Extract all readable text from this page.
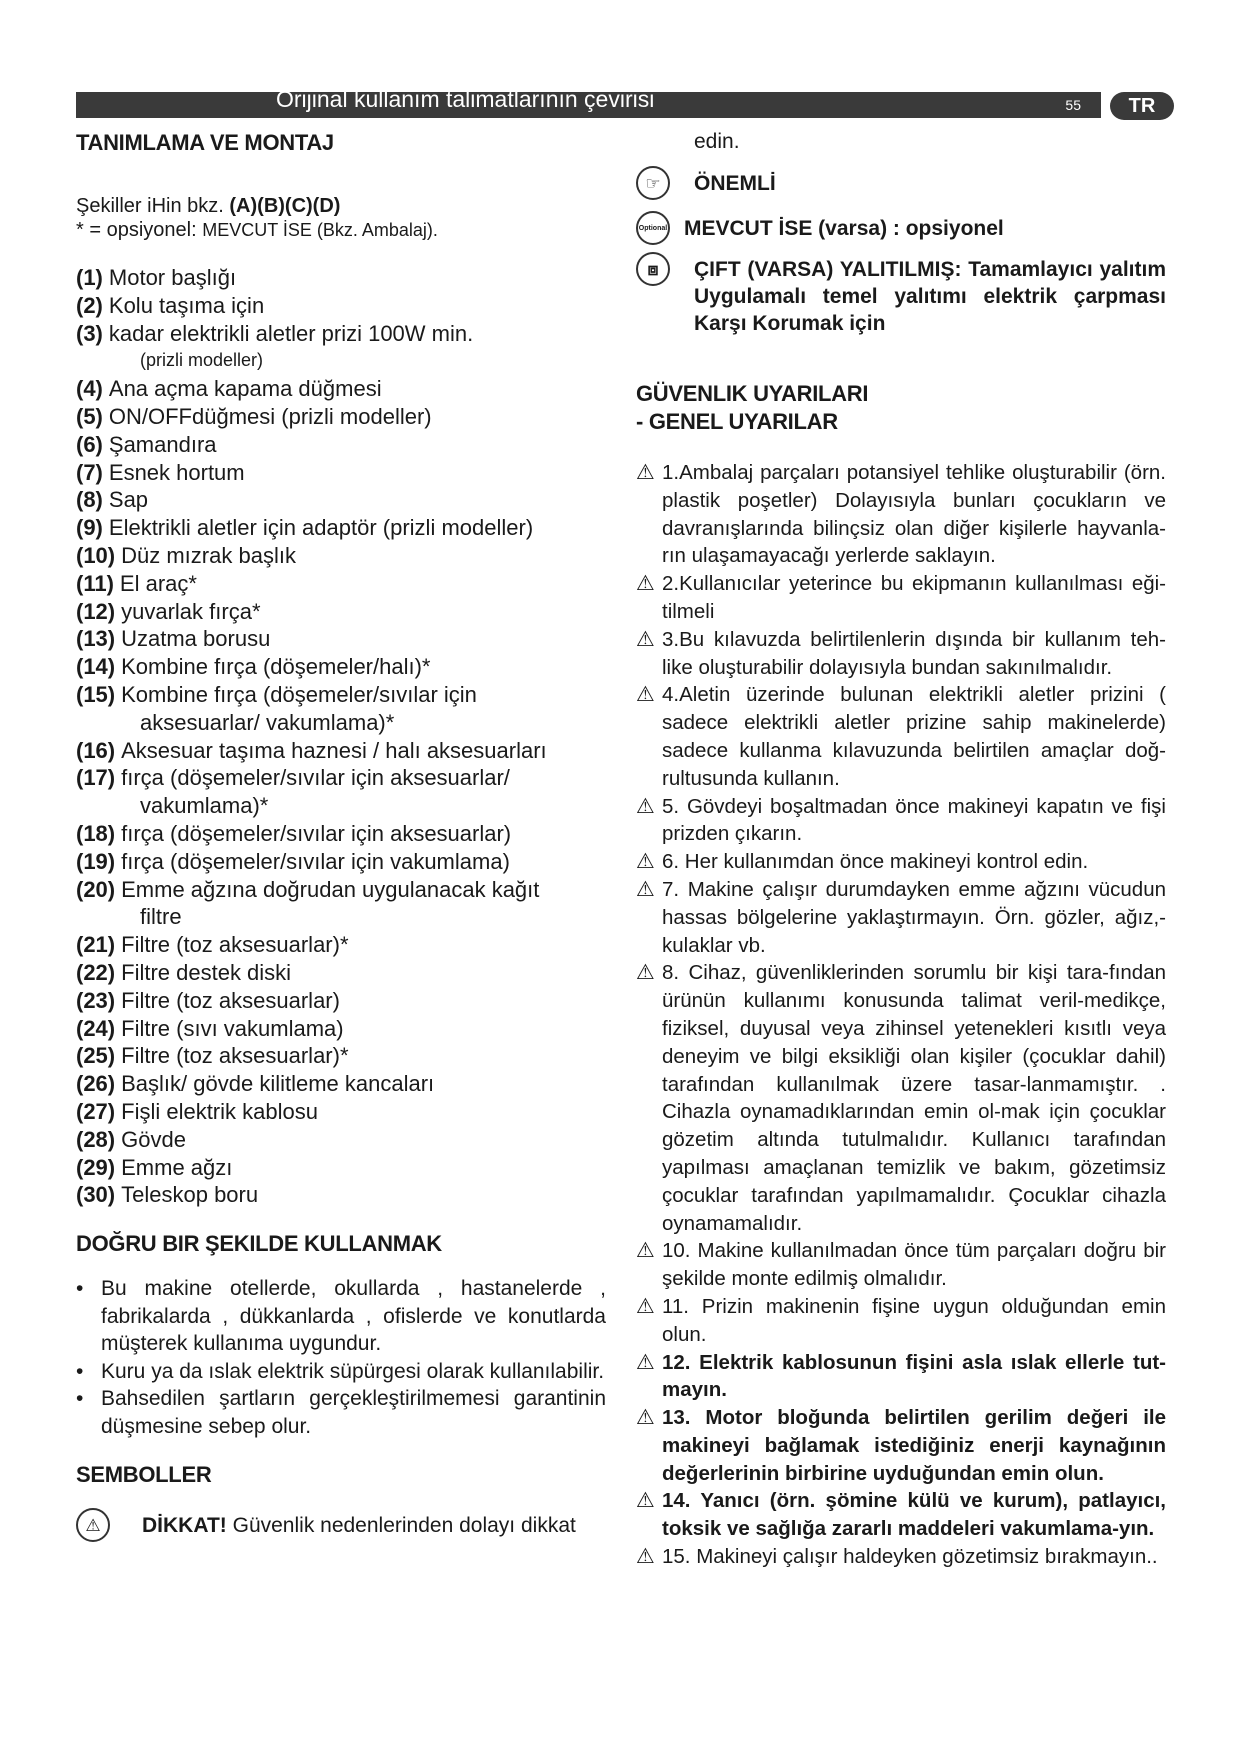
Orijinal kullanım talimatlarının çevirisi	55	TR
TANIMLAMA VE MONTAJ
Şekiller iHin bkz. (A)(B)(C)(D)
* = opsiyonel: MEVCUT İSE (Bkz. Ambalaj).
(1) Motor başlığı
(2) Kolu taşıma için
(3) kadar elektrikli aletler prizi 100W min.
(prizli modeller)
(4) Ana açma kapama düğmesi
(5) ON/OFFdüğmesi (prizli modeller)
(6) Şamandıra
(7) Esnek hortum
(8) Sap
(9) Elektrikli aletler için adaptör (prizli modeller)
(10) Düz mızrak başlık
(11) El araç*
(12) yuvarlak fırça*
(13) Uzatma borusu
(14) Kombine fırça (döşemeler/halı)*
(15) Kombine fırça (döşemeler/sıvılar için
aksesuarlar/ vakumlama)*
(16) Aksesuar taşıma haznesi / halı aksesuarları
(17) fırça (döşemeler/sıvılar için aksesuarlar/
vakumlama)*
(18) fırça (döşemeler/sıvılar için aksesuarlar)
(19) fırça (döşemeler/sıvılar için vakumlama)
(20) Emme ağzına doğrudan uygulanacak kağıt
filtre
(21) Filtre (toz aksesuarlar)*
(22) Filtre destek diski
(23) Filtre (toz aksesuarlar)
(24) Filtre (sıvı vakumlama)
(25) Filtre (toz aksesuarlar)*
(26) Başlık/ gövde kilitleme kancaları
(27) Fişli elektrik kablosu
(28) Gövde
(29) Emme ağzı
(30) Teleskop boru
DOĞRU BIR ŞEKILDE KULLANMAK
• Bu makine otellerde, okullarda , hastanelerde , fabrikalarda , dükkanlarda , ofislerde ve konutlarda müşterek kullanıma uygundur.
• Kuru ya da ıslak elektrik süpürgesi olarak kullanılabilir.
• Bahsedilen şartların gerçekleştirilmemesi garantinin düşmesine sebep olur.
SEMBOLLER
⚠	DİKKAT! Güvenlik nedenlerinden dolayı dikkat
edin.
☞	ÖNEMLİ
Optional MEVCUT İSE (varsa) : opsiyonel
⧈	ÇIFT (VARSA) YALITILMIŞ: Tamamlayıcı yalıtım Uygulamalı temel yalıtımı elektrik çarpması Karşı Korumak için
GÜVENLIK UYARILARI
- GENEL UYARILAR
⚠ 1.Ambalaj parçaları potansiyel tehlike oluşturabilir (örn. plastik poşetler) Dolayısıyla bunları çocukların ve davranışlarında bilinçsiz olan diğer kişilerle hayvanla-rın ulaşamayacağı yerlerde saklayın.
⚠ 2.Kullanıcılar yeterince bu ekipmanın kullanılması eği-tilmeli
⚠ 3.Bu kılavuzda belirtilenlerin dışında bir kullanım teh-like oluşturabilir dolayısıyla bundan sakınılmalıdır.
⚠ 4.Aletin üzerinde bulunan elektrikli aletler prizini ( sadece elektrikli aletler prizine sahip makinelerde) sadece kullanma kılavuzunda belirtilen amaçlar doğ-rultusunda kullanın.
⚠ 5. Gövdeyi boşaltmadan önce makineyi kapatın ve fişi prizden çıkarın.
⚠ 6. Her kullanımdan önce makineyi kontrol edin.
⚠ 7. Makine çalışır durumdayken emme ağzını vücudun hassas bölgelerine yaklaştırmayın. Örn. gözler, ağız,-kulaklar vb.
⚠ 8. Cihaz, güvenliklerinden sorumlu bir kişi tara-fından ürünün kullanımı konusunda talimat veril-medikçe, fiziksel, duyusal veya zihinsel yetenekleri kısıtlı veya deneyim ve bilgi eksikliği olan kişiler (çocuklar dahil) tarafından kullanılmak üzere tasar-lanmamıştır. . Cihazla oynamadıklarından emin ol-mak için çocuklar gözetim altında tutulmalıdır. Kullanıcı tarafından yapılması amaçlanan temizlik ve bakım, gözetimsiz çocuklar tarafından yapılmamalıdır. Çocuklar cihazla oynamamalıdır.
⚠ 10. Makine kullanılmadan önce tüm parçaları doğru bir şekilde monte edilmiş olmalıdır.
⚠ 11. Prizin makinenin fişine uygun olduğundan emin olun.
⚠ 12. Elektrik kablosunun fişini asla ıslak ellerle tut-mayın.
⚠ 13. Motor bloğunda belirtilen gerilim değeri ile makineyi bağlamak istediğiniz enerji kaynağının değerlerinin birbirine uyduğundan emin olun.
⚠ 14. Yanıcı (örn. şömine külü ve kurum), patlayıcı, toksik ve sağlığa zararlı maddeleri vakumlama-yın.
⚠ 15. Makineyi çalışır haldeyken gözetimsiz bırakmayın..
